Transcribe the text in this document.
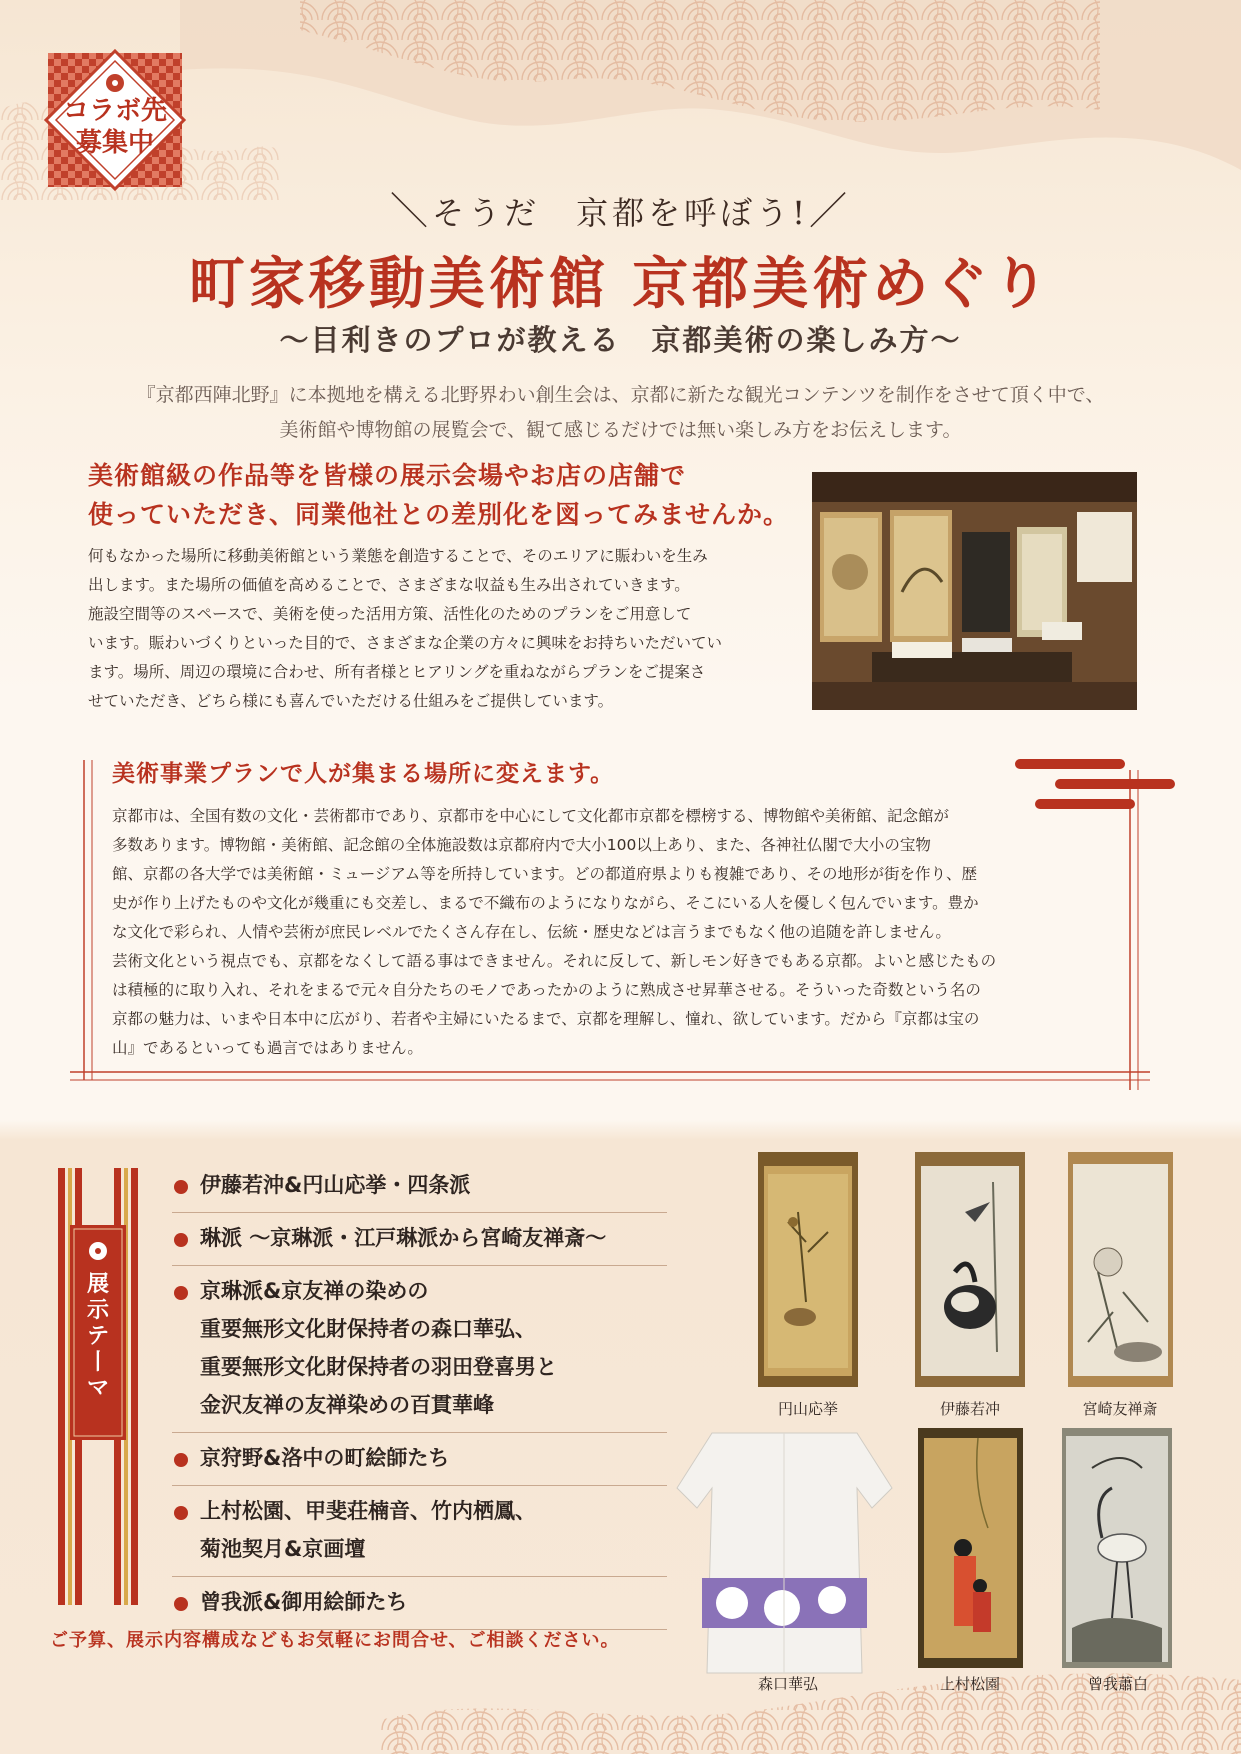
コラボ先
募集中
＼そうだ　京都を呼ぼう!／
町家移動美術館 京都美術めぐり
〜目利きのプロが教える　京都美術の楽しみ方〜
『京都西陣北野』に本拠地を構える北野界わい創生会は、京都に新たな観光コンテンツを制作をさせて頂く中で、
美術館や博物館の展覧会で、観て感じるだけでは無い楽しみ方をお伝えします。
美術館級の作品等を皆様の展示会場やお店の店舗で
使っていただき、同業他社との差別化を図ってみませんか。
何もなかった場所に移動美術館という業態を創造することで、そのエリアに賑わいを生み
出します。また場所の価値を高めることで、さまざまな収益も生み出されていきます。
施設空間等のスペースで、美術を使った活用方策、活性化のためのプランをご用意して
います。賑わいづくりといった目的で、さまざまな企業の方々に興味をお持ちいただいてい
ます。場所、周辺の環境に合わせ、所有者様とヒアリングを重ねながらプランをご提案さ
せていただき、どちら様にも喜んでいただける仕組みをご提供しています。
美術事業プランで人が集まる場所に変えます。
京都市は、全国有数の文化・芸術都市であり、京都市を中心にして文化都市京都を標榜する、博物館や美術館、記念館が
多数あります。博物館・美術館、記念館の全体施設数は京都府内で大小100以上あり、また、各神社仏閣で大小の宝物
館、京都の各大学では美術館・ミュージアム等を所持しています。どの都道府県よりも複雑であり、その地形が街を作り、歴
史が作り上げたものや文化が幾重にも交差し、まるで不織布のようになりながら、そこにいる人を優しく包んでいます。豊か
な文化で彩られ、人情や芸術が庶民レベルでたくさん存在し、伝統・歴史などは言うまでもなく他の追随を許しません。
芸術文化という視点でも、京都をなくして語る事はできません。それに反して、新しモン好きでもある京都。よいと感じたもの
は積極的に取り入れ、それをまるで元々自分たちのモノであったかのように熟成させ昇華させる。そういった奇数という名の
京都の魅力は、いまや日本中に広がり、若者や主婦にいたるまで、京都を理解し、憧れ、欲しています。だから『京都は宝の
山』であるといっても過言ではありません。
展
示
テ
丨
マ
伊藤若沖&円山応挙・四条派
琳派 ～京琳派・江戸琳派から宮崎友禅斎～
京琳派&京友禅の染めの
重要無形文化財保持者の森口華弘、
重要無形文化財保持者の羽田登喜男と
金沢友禅の友禅染めの百貫華峰
京狩野&洛中の町絵師たち
上村松園、甲斐荘楠音、竹内栖鳳、
菊池契月&京画壇
曾我派&御用絵師たち
ご予算、展示内容構成などもお気軽にお問合せ、ご相談ください。
円山応挙	伊藤若冲	宮崎友禅斎
森口華弘	上村松園	曾我蕭白
